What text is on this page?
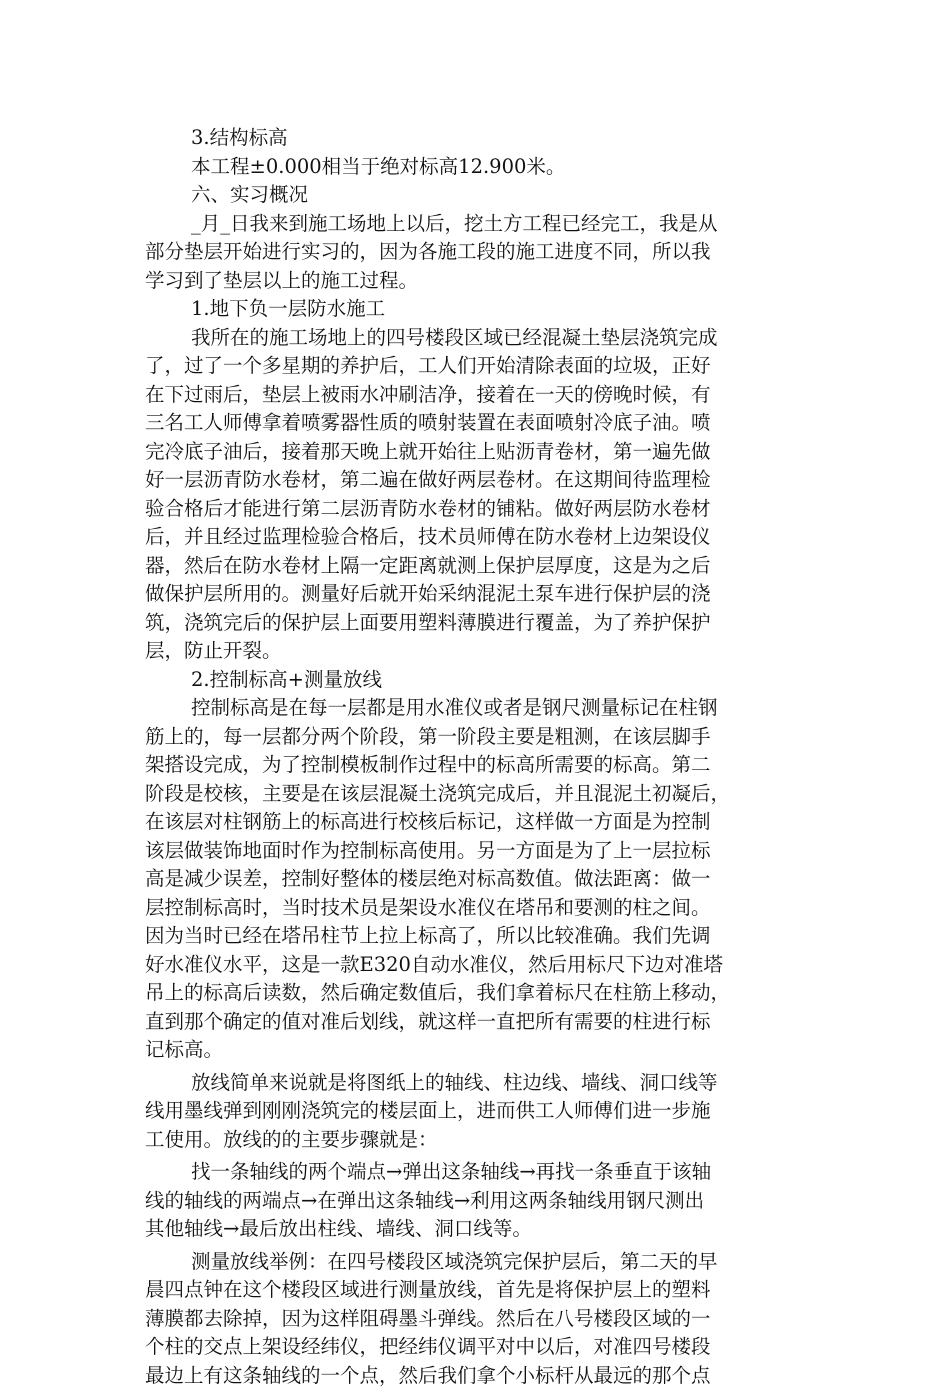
3.结构标高
本工程±0.000相当于绝对标高12.900米。
六、实习概况
_月_日我来到施工场地上以后，挖土方工程已经完工，我是从
部分垫层开始进行实习的，因为各施工段的施工进度不同，所以我
学习到了垫层以上的施工过程。
1.地下负一层防水施工
我所在的施工场地上的四号楼段区域已经混凝土垫层浇筑完成
了，过了一个多星期的养护后，工人们开始清除表面的垃圾，正好
在下过雨后，垫层上被雨水冲刷洁净，接着在一天的傍晚时候，有
三名工人师傅拿着喷雾器性质的喷射装置在表面喷射冷底子油。喷
完冷底子油后，接着那天晚上就开始往上贴沥青卷材，第一遍先做
好一层沥青防水卷材，第二遍在做好两层卷材。在这期间待监理检
验合格后才能进行第二层沥青防水卷材的铺粘。做好两层防水卷材
后，并且经过监理检验合格后，技术员师傅在防水卷材上边架设仪
器，然后在防水卷材上隔一定距离就测上保护层厚度，这是为之后
做保护层所用的。测量好后就开始采纳混泥土泵车进行保护层的浇
筑，浇筑完后的保护层上面要用塑料薄膜进行覆盖，为了养护保护
层，防止开裂。
2.控制标高+测量放线
控制标高是在每一层都是用水准仪或者是钢尺测量标记在柱钢
筋上的，每一层都分两个阶段，第一阶段主要是粗测，在该层脚手
架搭设完成，为了控制模板制作过程中的标高所需要的标高。第二
阶段是校核，主要是在该层混凝土浇筑完成后，并且混泥土初凝后，
在该层对柱钢筋上的标高进行校核后标记，这样做一方面是为控制
该层做装饰地面时作为控制标高使用。另一方面是为了上一层拉标
高是减少误差，控制好整体的楼层绝对标高数值。做法距离：做一
层控制标高时，当时技术员是架设水准仪在塔吊和要测的柱之间。
因为当时已经在塔吊柱节上拉上标高了，所以比较准确。我们先调
好水准仪水平，这是一款E320自动水准仪，然后用标尺下边对准塔
吊上的标高后读数，然后确定数值后，我们拿着标尺在柱筋上移动，
直到那个确定的值对准后划线，就这样一直把所有需要的柱进行标
记标高。
放线简单来说就是将图纸上的轴线、柱边线、墙线、洞口线等
线用墨线弹到刚刚浇筑完的楼层面上，进而供工人师傅们进一步施
工使用。放线的的主要步骤就是：
找一条轴线的两个端点→弹出这条轴线→再找一条垂直于该轴
线的轴线的两端点→在弹出这条轴线→利用这两条轴线用钢尺测出
其他轴线→最后放出柱线、墙线、洞口线等。
测量放线举例：在四号楼段区域浇筑完保护层后，第二天的早
晨四点钟在这个楼段区域进行测量放线，首先是将保护层上的塑料
薄膜都去除掉，因为这样阻碍墨斗弹线。然后在八号楼段区域的一
个柱的交点上架设经纬仪，把经纬仪调平对中以后，对准四号楼段
最边上有这条轴线的一个点，然后我们拿个小标杆从最远的那个点
